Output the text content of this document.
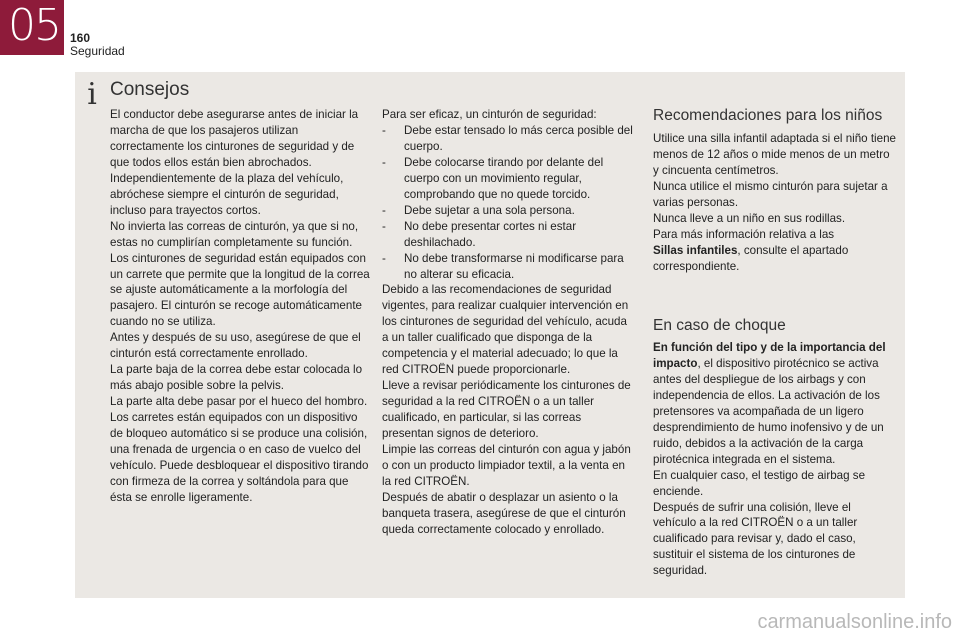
05 160
Seguridad
i Consejos

El conductor debe asegurarse antes de iniciar la marcha de que los pasajeros utilizan correctamente los cinturones de seguridad y de que todos ellos están bien abrochados.

Independientemente de la plaza del vehículo, abróchese siempre el cinturón de seguridad, incluso para trayectos cortos.

No invierta las correas de cinturón, ya que si no, estas no cumplirían completamente su función.

Los cinturones de seguridad están equipados con un carrete que permite que la longitud de la correa se ajuste automáticamente a la morfología del pasajero. El cinturón se recoge automáticamente cuando no se utiliza.

Antes y después de su uso, asegúrese de que el cinturón está correctamente enrollado.

La parte baja de la correa debe estar colocada lo más abajo posible sobre la pelvis.

La parte alta debe pasar por el hueco del hombro.

Los carretes están equipados con un dispositivo de bloqueo automático si se produce una colisión, una frenada de urgencia o en caso de vuelco del vehículo. Puede desbloquear el dispositivo tirando con firmeza de la correa y soltándola para que ésta se enrolle ligeramente.

Para ser eficaz, un cinturón de seguridad:

-	Debe estar tensado lo más cerca posible del cuerpo.
-	Debe colocarse tirando por delante del cuerpo con un movimiento regular, comprobando que no quede torcido.
-	Debe sujetar a una sola persona.
-	No debe presentar cortes ni estar deshilachado.
-	No debe transformarse ni modificarse para no alterar su eficacia.

Debido a las recomendaciones de seguridad vigentes, para realizar cualquier intervención en los cinturones de seguridad del vehículo, acuda a un taller cualificado que disponga de la competencia y el material adecuado; lo que la red CITROËN puede proporcionarle.

Lleve a revisar periódicamente los cinturones de seguridad a la red CITROËN o a un taller cualificado, en particular, si las correas presentan signos de deterioro.

Limpie las correas del cinturón con agua y jabón o con un producto limpiador textil, a la venta en la red CITROËN.

Después de abatir o desplazar un asiento o la banqueta trasera, asegúrese de que el cinturón queda correctamente colocado y enrollado.

Recomendaciones para los niños

Utilice una silla infantil adaptada si el niño tiene menos de 12 años o mide menos de un metro y cincuenta centímetros.

Nunca utilice el mismo cinturón para sujetar a varias personas.

Nunca lleve a un niño en sus rodillas.

Para más información relativa a las
Sillas infantiles, consulte el apartado correspondiente.

En caso de choque

En función del tipo y de la importancia del impacto, el dispositivo pirotécnico se activa antes del despliegue de los airbags y con independencia de ellos. La activación de los pretensores va acompañada de un ligero desprendimiento de humo inofensivo y de un ruido, debidos a la activación de la carga pirotécnica integrada en el sistema.

En cualquier caso, el testigo de airbag se enciende.

Después de sufrir una colisión, lleve el vehículo a la red CITROËN o a un taller cualificado para revisar y, dado el caso, sustituir el sistema de los cinturones de seguridad.

carmanualsonline.info
